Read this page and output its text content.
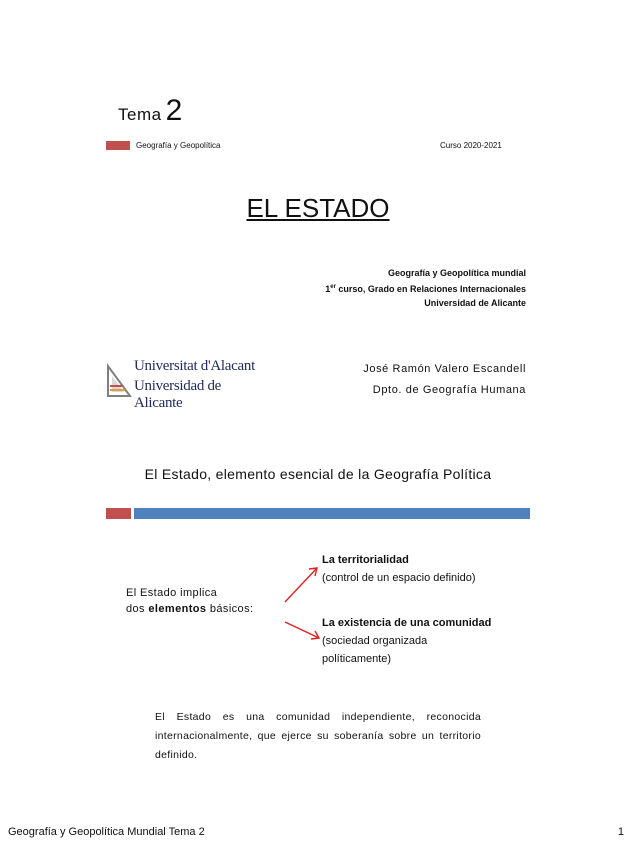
Tema 2
Geografía y Geopolítica	Curso 2020-2021
EL ESTADO
Geografía y Geopolítica mundial
1er curso, Grado en Relaciones Internacionales
Universidad de Alicante
Universitat d'Alacant
Universidad de Alicante
José Ramón Valero Escandell
Dpto. de Geografía Humana
El Estado, elemento esencial de la Geografía Política
El Estado implica
dos elementos básicos:
La territorialidad
(control de un espacio definido)
La existencia de una comunidad
(sociedad organizada
políticamente)
El Estado es una comunidad independiente, reconocida internacionalmente, que ejerce su soberanía sobre un territorio definido.
Geografía y Geopolítica Mundial Tema 2	1
